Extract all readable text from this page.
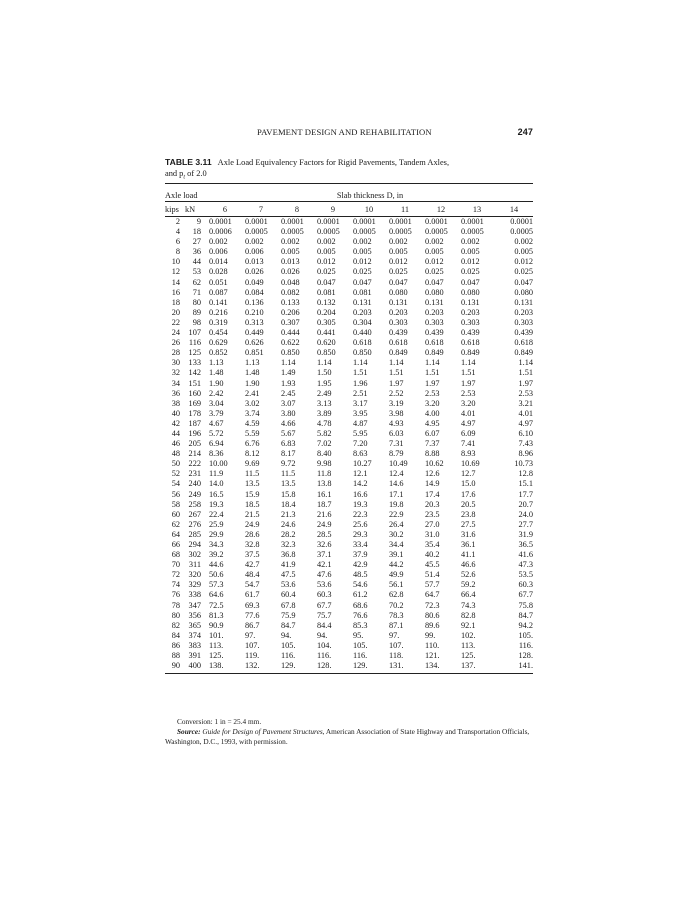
PAVEMENT DESIGN AND REHABILITATION	247
TABLE 3.11 Axle Load Equivalency Factors for Rigid Pavements, Tandem Axles,
and $p_t$ of 2.0
Axle load		Slab thickness D, in								
kips	kN	6	7	8	9	10	11	12	13	14
2	9	0.0001	0.0001	0.0001	0.0001	0.0001	0.0001	0.0001	0.0001	0.0001
4	18	0.0006	0.0005	0.0005	0.0005	0.0005	0.0005	0.0005	0.0005	0.0005
6	27	0.002	0.002	0.002	0.002	0.002	0.002	0.002	0.002	0.002
8	36	0.006	0.006	0.005	0.005	0.005	0.005	0.005	0.005	0.005
10	44	0.014	0.013	0.013	0.012	0.012	0.012	0.012	0.012	0.012
12	53	0.028	0.026	0.026	0.025	0.025	0.025	0.025	0.025	0.025
14	62	0.051	0.049	0.048	0.047	0.047	0.047	0.047	0.047	0.047
16	71	0.087	0.084	0.082	0.081	0.081	0.080	0.080	0.080	0.080
18	80	0.141	0.136	0.133	0.132	0.131	0.131	0.131	0.131	0.131
20	89	0.216	0.210	0.206	0.204	0.203	0.203	0.203	0.203	0.203
22	98	0.319	0.313	0.307	0.305	0.304	0.303	0.303	0.303	0.303
24	107	0.454	0.449	0.444	0.441	0.440	0.439	0.439	0.439	0.439
26	116	0.629	0.626	0.622	0.620	0.618	0.618	0.618	0.618	0.618
28	125	0.852	0.851	0.850	0.850	0.850	0.849	0.849	0.849	0.849
30	133	1.13	1.13	1.14	1.14	1.14	1.14	1.14	1.14	1.14
32	142	1.48	1.48	1.49	1.50	1.51	1.51	1.51	1.51	1.51
34	151	1.90	1.90	1.93	1.95	1.96	1.97	1.97	1.97	1.97
36	160	2.42	2.41	2.45	2.49	2.51	2.52	2.53	2.53	2.53
38	169	3.04	3.02	3.07	3.13	3.17	3.19	3.20	3.20	3.21
40	178	3.79	3.74	3.80	3.89	3.95	3.98	4.00	4.01	4.01
42	187	4.67	4.59	4.66	4.78	4.87	4.93	4.95	4.97	4.97
44	196	5.72	5.59	5.67	5.82	5.95	6.03	6.07	6.09	6.10
46	205	6.94	6.76	6.83	7.02	7.20	7.31	7.37	7.41	7.43
48	214	8.36	8.12	8.17	8.40	8.63	8.79	8.88	8.93	8.96
50	222	10.00	9.69	9.72	9.98	10.27	10.49	10.62	10.69	10.73
52	231	11.9	11.5	11.5	11.8	12.1	12.4	12.6	12.7	12.8
54	240	14.0	13.5	13.5	13.8	14.2	14.6	14.9	15.0	15.1
56	249	16.5	15.9	15.8	16.1	16.6	17.1	17.4	17.6	17.7
58	258	19.3	18.5	18.4	18.7	19.3	19.8	20.3	20.5	20.7
60	267	22.4	21.5	21.3	21.6	22.3	22.9	23.5	23.8	24.0
62	276	25.9	24.9	24.6	24.9	25.6	26.4	27.0	27.5	27.7
64	285	29.9	28.6	28.2	28.5	29.3	30.2	31.0	31.6	31.9
66	294	34.3	32.8	32.3	32.6	33.4	34.4	35.4	36.1	36.5
68	302	39.2	37.5	36.8	37.1	37.9	39.1	40.2	41.1	41.6
70	311	44.6	42.7	41.9	42.1	42.9	44.2	45.5	46.6	47.3
72	320	50.6	48.4	47.5	47.6	48.5	49.9	51.4	52.6	53.5
74	329	57.3	54.7	53.6	53.6	54.6	56.1	57.7	59.2	60.3
76	338	64.6	61.7	60.4	60.3	61.2	62.8	64.7	66.4	67.7
78	347	72.5	69.3	67.8	67.7	68.6	70.2	72.3	74.3	75.8
80	356	81.3	77.6	75.9	75.7	76.6	78.3	80.6	82.8	84.7
82	365	90.9	86.7	84.7	84.4	85.3	87.1	89.6	92.1	94.2
84	374	101.	97.	94.	94.	95.	97.	99.	102.	105.
86	383	113.	107.	105.	104.	105.	107.	110.	113.	116.
88	391	125.	119.	116.	116.	116.	118.	121.	125.	128.
90	400	138.	132.	129.	128.	129.	131.	134.	137.	141.
Conversion: 1 in = 25.4 mm.
Source: Guide for Design of Pavement Structures, American Association of State Highway and Transportation Officials, Washington, D.C., 1993, with permission.
